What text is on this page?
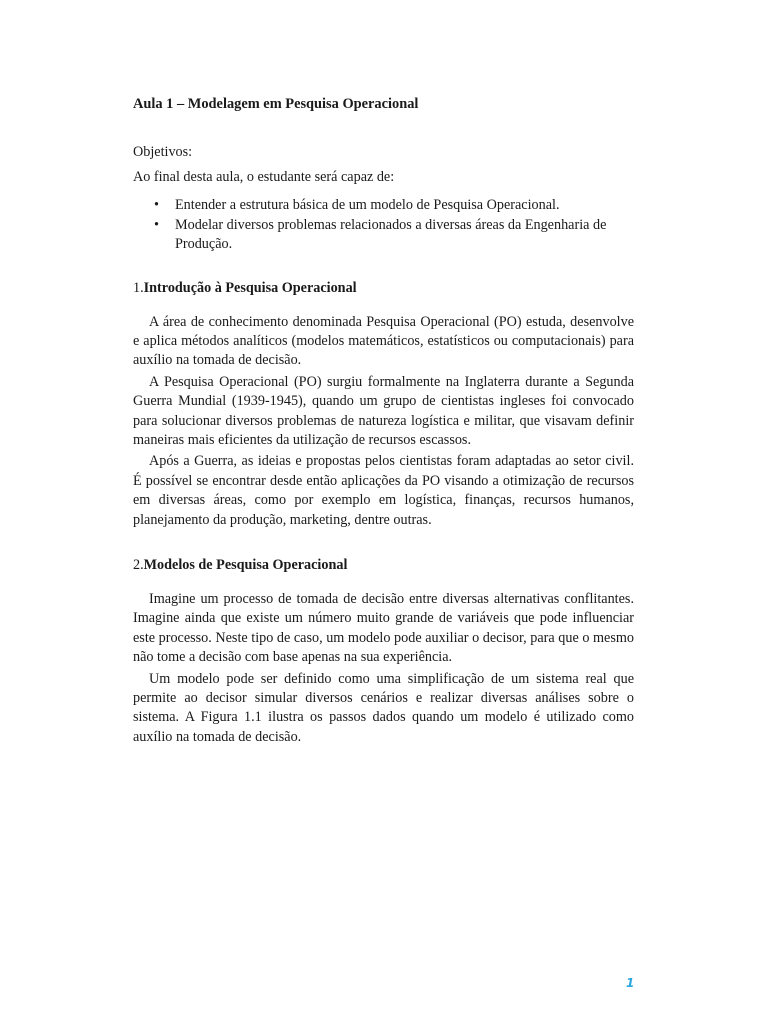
Aula 1 – Modelagem em Pesquisa Operacional
Objetivos:
Ao final desta aula, o estudante será capaz de:
• Entender a estrutura básica de um modelo de Pesquisa Operacional.
• Modelar diversos problemas relacionados a diversas áreas da Engenharia de Produção.
1.Introdução à Pesquisa Operacional

A área de conhecimento denominada Pesquisa Operacional (PO) estuda, desenvolve e aplica métodos analíticos (modelos matemáticos, estatísticos ou computacionais) para auxílio na tomada de decisão.

A Pesquisa Operacional (PO) surgiu formalmente na Inglaterra durante a Segunda Guerra Mundial (1939-1945), quando um grupo de cientistas ingleses foi convocado para solucionar diversos problemas de natureza logística e militar, que visavam definir maneiras mais eficientes da utilização de recursos escassos.

Após a Guerra, as ideias e propostas pelos cientistas foram adaptadas ao setor civil. É possível se encontrar desde então aplicações da PO visando a otimização de recursos em diversas áreas, como por exemplo em logística, finanças, recursos humanos, planejamento da produção, marketing, dentre outras.

2.Modelos de Pesquisa Operacional

Imagine um processo de tomada de decisão entre diversas alternativas conflitantes. Imagine ainda que existe um número muito grande de variáveis que pode influenciar este processo. Neste tipo de caso, um modelo pode auxiliar o decisor, para que o mesmo não tome a decisão com base apenas na sua experiência.

Um modelo pode ser definido como uma simplificação de um sistema real que permite ao decisor simular diversos cenários e realizar diversas análises sobre o sistema. A Figura 1.1 ilustra os passos dados quando um modelo é utilizado como auxílio na tomada de decisão.

1
